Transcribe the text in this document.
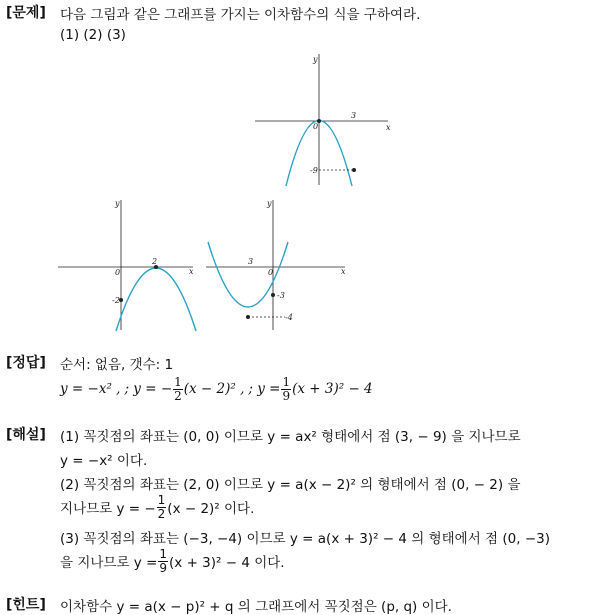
[문제] 다음 그림과 같은 그래프를 가지는 이차함수의 식을 구하여라.
(1) (2) (3)
y
x
0
3
-9
y
x
0
2
-2
y
x
0
3
-3
-4
[정답] 순서: 없음, 갯수: 1
y = −x² , ; y = − $\frac{1}{2} (x - 2)^2$ , ; $y = \frac{1}{9} (x + 3)^2 - 4$
[해설] (1) 꼭짓점의 좌표는 (0, 0) 이므로 y = ax² 형태에서 점 (3, − 9) 을 지나므로
y = −x² 이다.
(2) 꼭짓점의 좌표는 (2, 0) 이므로 y = a(x − 2)² 의 형태에서 점 (0, − 2) 을
지나므로 y = − $\frac{1}{2} (x - 2)^2$ 이다.
(3) 꼭짓점의 좌표는 (−3, −4) 이므로 y = a(x + 3)² − 4 의 형태에서 점 (0, −3)
을 지나므로 $y = \frac{1}{9} (x + 3)^2 - 4$ 이다.
[힌트] 이차함수 y = a(x − p)² + q 의 그래프에서 꼭짓점은 (p, q) 이다.
